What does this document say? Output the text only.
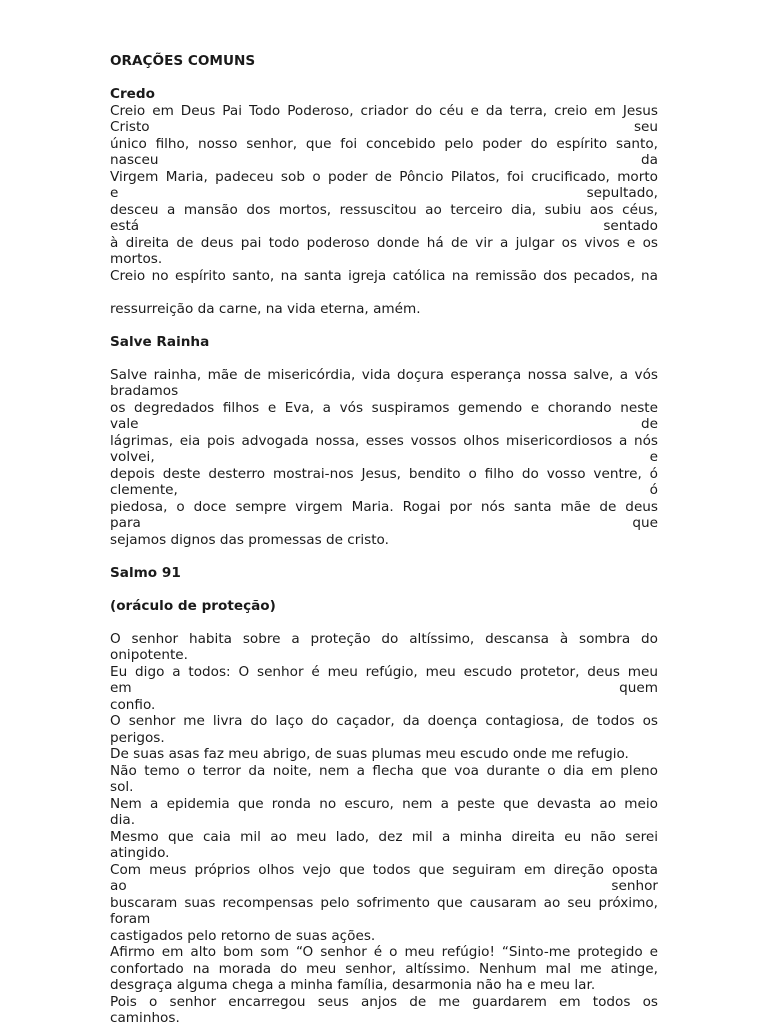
ORAÇÕES COMUNS
Credo
Creio em Deus Pai Todo Poderoso, criador do céu e da terra, creio em Jesus
Cristo seu
único filho, nosso senhor, que foi concebido pelo poder do espírito santo,
nasceu da
Virgem Maria, padeceu sob o poder de Pôncio Pilatos, foi crucificado, morto
e sepultado,
desceu a mansão dos mortos, ressuscitou ao terceiro dia, subiu aos céus,
está sentado
à direita de deus pai todo poderoso donde há de vir a julgar os vivos e os
mortos.
Creio no espírito santo, na santa igreja católica na remissão dos pecados, na
ressurreição da carne, na vida eterna, amém.
Salve Rainha
Salve rainha, mãe de misericórdia, vida doçura esperança nossa salve, a vós
bradamos
os degredados filhos e Eva, a vós suspiramos gemendo e chorando neste
vale de
lágrimas, eia pois advogada nossa, esses vossos olhos misericordiosos a nós
volvei, e
depois deste desterro mostrai-nos Jesus, bendito o filho do vosso ventre, ó
clemente, ó
piedosa, o doce sempre virgem Maria. Rogai por nós santa mãe de deus
para que
sejamos dignos das promessas de cristo.
Salmo 91
(oráculo de proteção)
O senhor habita sobre a proteção do altíssimo, descansa à sombra do
onipotente.
Eu digo a todos: O senhor é meu refúgio, meu escudo protetor, deus meu
em quem
confio.
O senhor me livra do laço do caçador, da doença contagiosa, de todos os
perigos.
De suas asas faz meu abrigo, de suas plumas meu escudo onde me refugio.
Não temo o terror da noite, nem a flecha que voa durante o dia em pleno
sol.
Nem a epidemia que ronda no escuro, nem a peste que devasta ao meio
dia.
Mesmo que caia mil ao meu lado, dez mil a minha direita eu não serei
atingido.
Com meus próprios olhos vejo que todos que seguiram em direção oposta
ao senhor
buscaram suas recompensas pelo sofrimento que causaram ao seu próximo,
foram
castigados pelo retorno de suas ações.
Afirmo em alto bom som “O senhor é o meu refúgio! “Sinto-me protegido e
confortado na morada do meu senhor, altíssimo. Nenhum mal me atinge,
desgraça alguma chega a minha família, desarmonia não ha e meu lar.
Pois o senhor encarregou seus anjos de me guardarem em todos os
caminhos.
